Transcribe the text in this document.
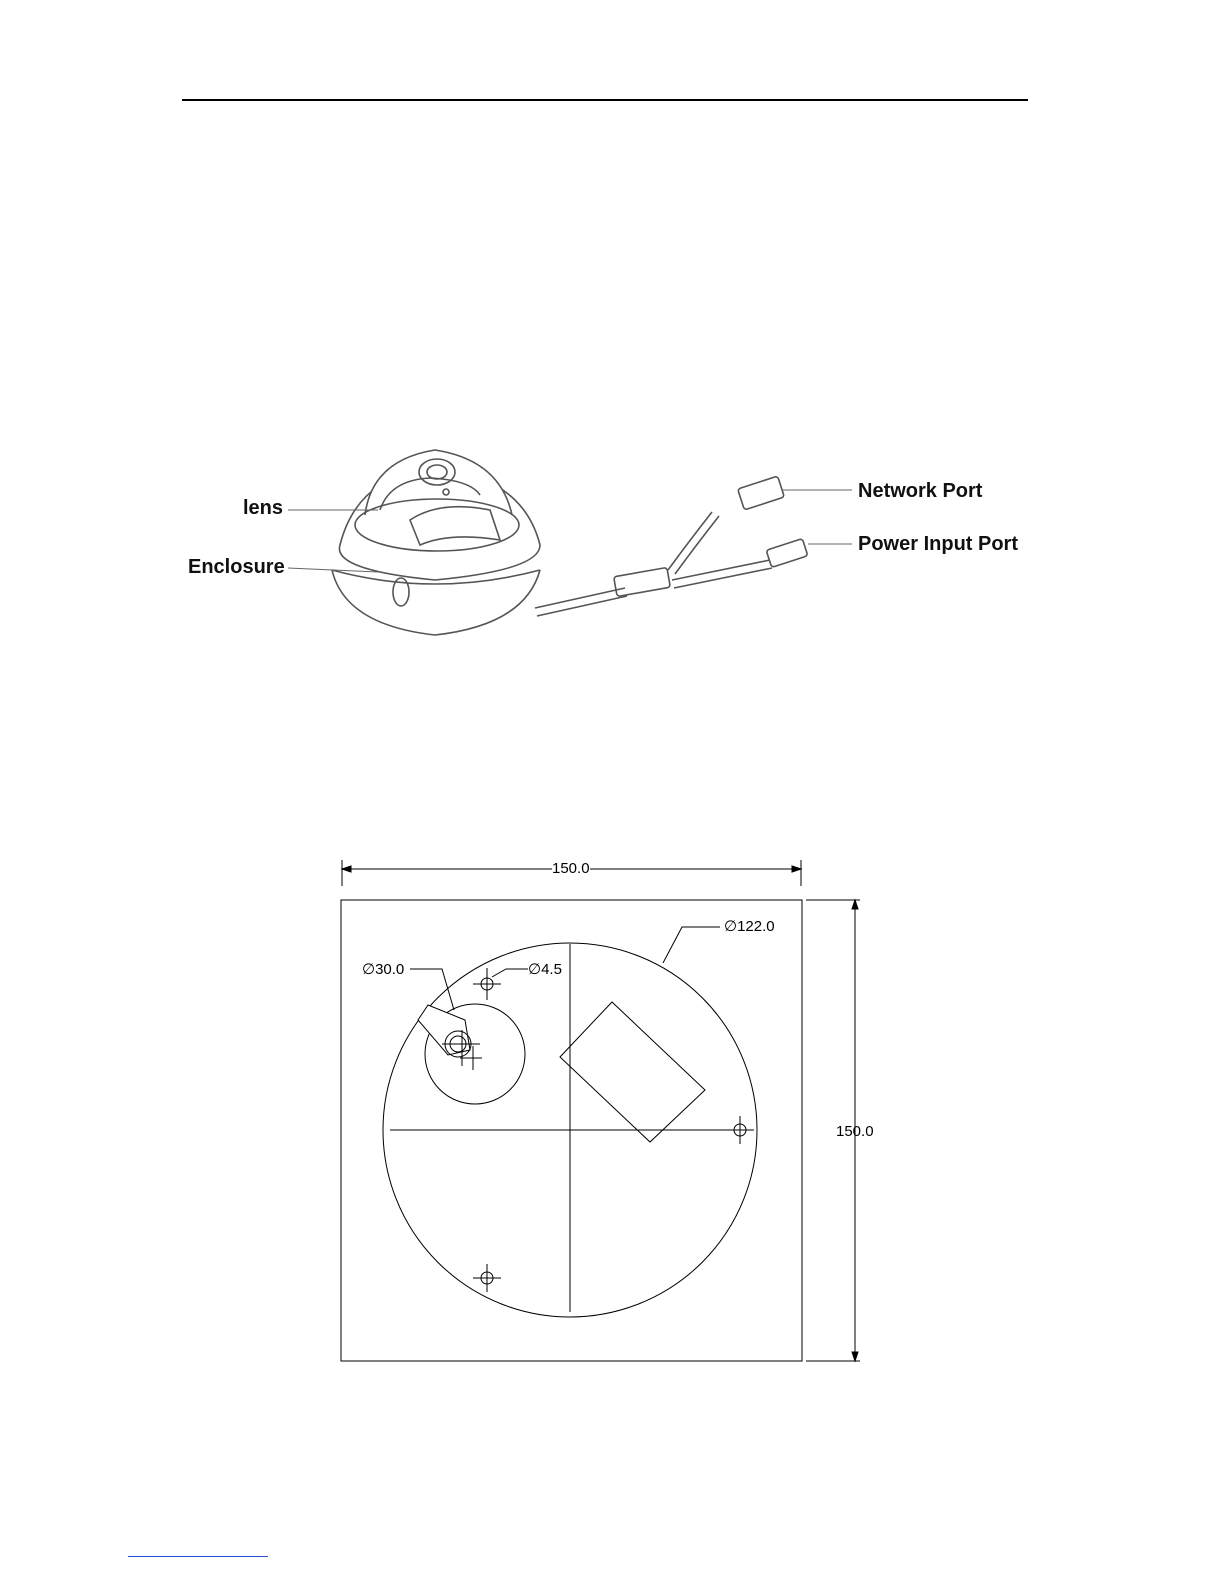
lens
Enclosure
Network Port
Power Input Port
150.0
150.0
∅122.0
∅4.5
∅30.0
